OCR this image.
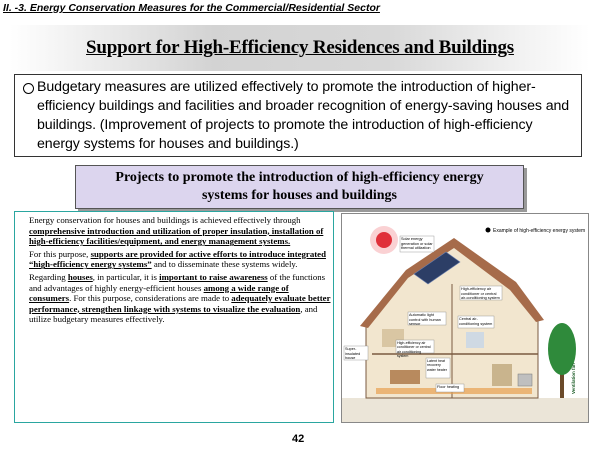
II. -3. Energy Conservation Measures for the Commercial/Residential Sector
Support for High-Efficiency Residences and Buildings
Budgetary measures are utilized effectively to promote the introduction of higher-efficiency buildings and facilities and broader recognition of energy-saving houses and buildings. (Improvement of projects to promote the introduction of high-efficiency energy systems for houses and buildings.)
Projects to promote the introduction of high-efficiency energy
systems for houses and buildings

Energy conservation for houses and buildings is achieved effectively through comprehensive introduction and utilization of proper insulation, installation of high-efficiency facilities/equipment, and energy management systems.

For this purpose, supports are provided for active efforts to introduce integrated “high-efficiency energy systems” and to disseminate these systems widely.

Regarding houses, in particular, it is important to raise awareness of the functions and advantages of highly energy-efficient houses among a wide range of consumers. For this purpose, considerations are made to adequately evaluate better performance, strengthen linkage with systems to visualize the evaluation, and utilize budgetary measures effectively.

Example of high-efficiency energy system
Solar energy generation or solar thermal utilization
High-efficiency air conditioner or central air-conditioning system
Automatic light control with human sensor
Central air-conditioning system
Latent heat recovery water heater
High-efficiency air conditioner or central air conditioning system
Super-insulated house
Floor heating	Ventilation fan
42
